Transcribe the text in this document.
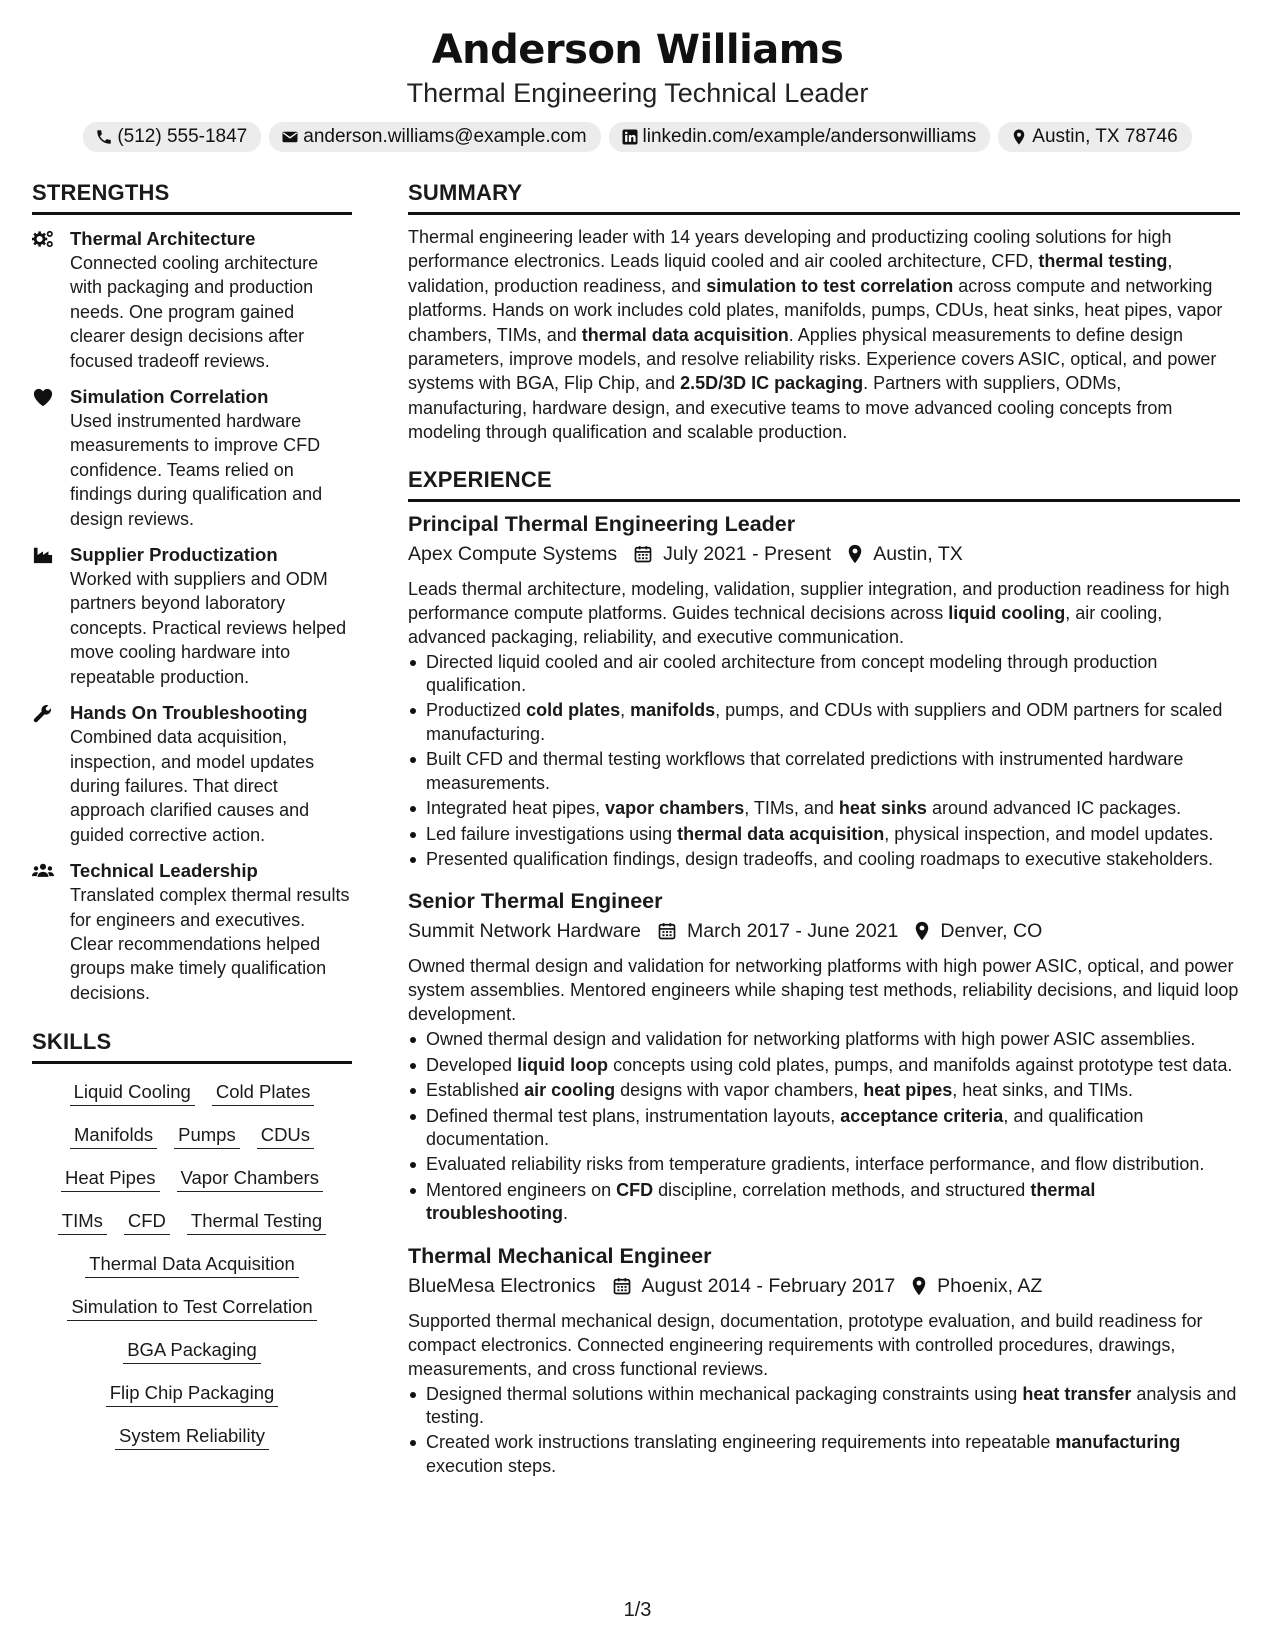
Anderson Williams
Thermal Engineering Technical Leader
(512) 555-1847	anderson.williams@example.com	linkedin.com/example/andersonwilliams	Austin, TX 78746
STRENGTHS
Thermal Architecture
Connected cooling architecture with packaging and production needs. One program gained clearer design decisions after focused tradeoff reviews.
Simulation Correlation
Used instrumented hardware measurements to improve CFD confidence. Teams relied on findings during qualification and design reviews.
Supplier Productization
Worked with suppliers and ODM partners beyond laboratory concepts. Practical reviews helped move cooling hardware into repeatable production.
Hands On Troubleshooting
Combined data acquisition, inspection, and model updates during failures. That direct approach clarified causes and guided corrective action.
Technical Leadership
Translated complex thermal results for engineers and executives. Clear recommendations helped groups make timely qualification decisions.
SKILLS
Liquid Cooling Cold Plates
Manifolds Pumps CDUs
Heat Pipes Vapor Chambers
TIMs CFD Thermal Testing
Thermal Data Acquisition
Simulation to Test Correlation
BGA Packaging
Flip Chip Packaging
System Reliability
SUMMARY
Thermal engineering leader with 14 years developing and productizing cooling solutions for high performance electronics. Leads liquid cooled and air cooled architecture, CFD, thermal testing, validation, production readiness, and simulation to test correlation across compute and networking platforms. Hands on work includes cold plates, manifolds, pumps, CDUs, heat sinks, heat pipes, vapor chambers, TIMs, and thermal data acquisition. Applies physical measurements to define design parameters, improve models, and resolve reliability risks. Experience covers ASIC, optical, and power systems with BGA, Flip Chip, and 2.5D/3D IC packaging. Partners with suppliers, ODMs, manufacturing, hardware design, and executive teams to move advanced cooling concepts from modeling through qualification and scalable production.
EXPERIENCE
Principal Thermal Engineering Leader
Apex Compute Systems July 2021 - Present Austin, TX
Leads thermal architecture, modeling, validation, supplier integration, and production readiness for high performance compute platforms. Guides technical decisions across liquid cooling, air cooling, advanced packaging, reliability, and executive communication.
Directed liquid cooled and air cooled architecture from concept modeling through production qualification.
Productized cold plates, manifolds, pumps, and CDUs with suppliers and ODM partners for scaled manufacturing.
Built CFD and thermal testing workflows that correlated predictions with instrumented hardware measurements.
Integrated heat pipes, vapor chambers, TIMs, and heat sinks around advanced IC packages.
Led failure investigations using thermal data acquisition, physical inspection, and model updates.
Presented qualification findings, design tradeoffs, and cooling roadmaps to executive stakeholders.
Senior Thermal Engineer
Summit Network Hardware March 2017 - June 2021 Denver, CO
Owned thermal design and validation for networking platforms with high power ASIC, optical, and power system assemblies. Mentored engineers while shaping test methods, reliability decisions, and liquid loop development.
Owned thermal design and validation for networking platforms with high power ASIC assemblies.
Developed liquid loop concepts using cold plates, pumps, and manifolds against prototype test data.
Established air cooling designs with vapor chambers, heat pipes, heat sinks, and TIMs.
Defined thermal test plans, instrumentation layouts, acceptance criteria, and qualification documentation.
Evaluated reliability risks from temperature gradients, interface performance, and flow distribution.
Mentored engineers on CFD discipline, correlation methods, and structured thermal troubleshooting.
Thermal Mechanical Engineer
BlueMesa Electronics August 2014 - February 2017 Phoenix, AZ
Supported thermal mechanical design, documentation, prototype evaluation, and build readiness for compact electronics. Connected engineering requirements with controlled procedures, drawings, measurements, and cross functional reviews.
Designed thermal solutions within mechanical packaging constraints using heat transfer analysis and testing.
Created work instructions translating engineering requirements into repeatable manufacturing execution steps.
1/3
